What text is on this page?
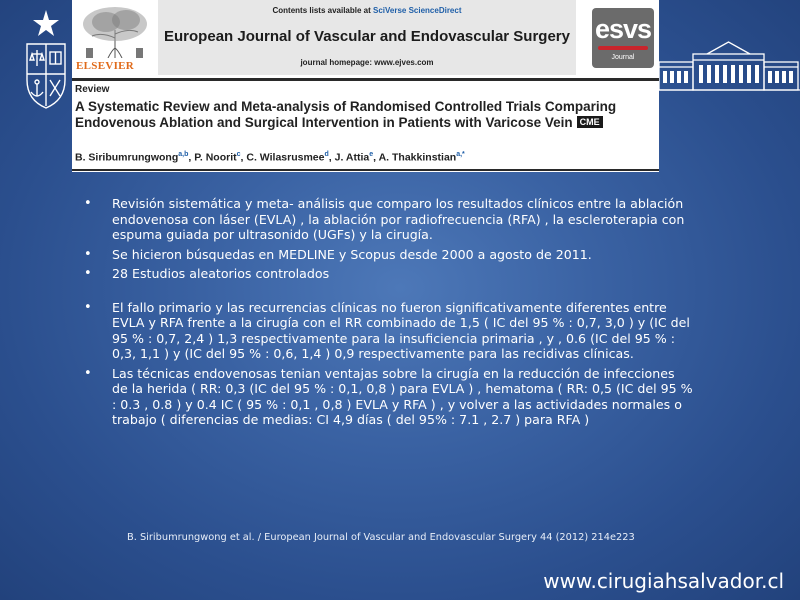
ELSEVIER
Contents lists available at SciVerse ScienceDirect
European Journal of Vascular and Endovascular Surgery
journal homepage: www.ejves.com
esvs
Journal
Review
A Systematic Review and Meta-analysis of Randomised Controlled Trials Comparing Endovenous Ablation and Surgical Intervention in Patients with Varicose Vein CME
B. Siribumrungwong$^{a,b}$, P. Noorit$^c$, C. Wilasrusmee$^d$, J. Attia$^e$, A. Thakkinstian$^{a,*}$
• Revisión sistemática y meta- análisis que comparo los resultados clínicos entre la ablación endovenosa con láser (EVLA) , la ablación por radiofrecuencia (RFA) , la escleroterapia con espuma guiada por ultrasonido (UGFs) y la cirugía.
• Se hicieron búsquedas en MEDLINE y Scopus desde 2000 a agosto de 2011.
• 28 Estudios aleatorios controlados
• El fallo primario y las recurrencias clínicas no fueron significativamente diferentes entre EVLA y RFA frente a la cirugía con el RR combinado de 1,5 ( IC del 95 % : 0,7, 3,0 ) y (IC del 95 % : 0,7, 2,4 ) 1,3 respectivamente para la insuficiencia primaria , y , 0.6 (IC del 95 % : 0,3, 1,1 ) y (IC del 95 % : 0,6, 1,4 ) 0,9 respectivamente para las recidivas clínicas.
• Las técnicas endovenosas tenian ventajas sobre la cirugía en la reducción de infecciones de la herida ( RR: 0,3 (IC del 95 % : 0,1, 0,8 ) para EVLA ) , hematoma ( RR: 0,5 (IC del 95 % : 0.3 , 0.8 ) y 0.4 IC ( 95 % : 0,1 , 0,8 ) EVLA y RFA ) , y volver a las actividades normales o trabajo ( diferencias de medias: CI 4,9 días ( del 95% : 7.1 , 2.7 ) para RFA )
B. Siribumrungwong et al. / European Journal of Vascular and Endovascular Surgery 44 (2012) 214e223
www.cirugiahsalvador.cl
